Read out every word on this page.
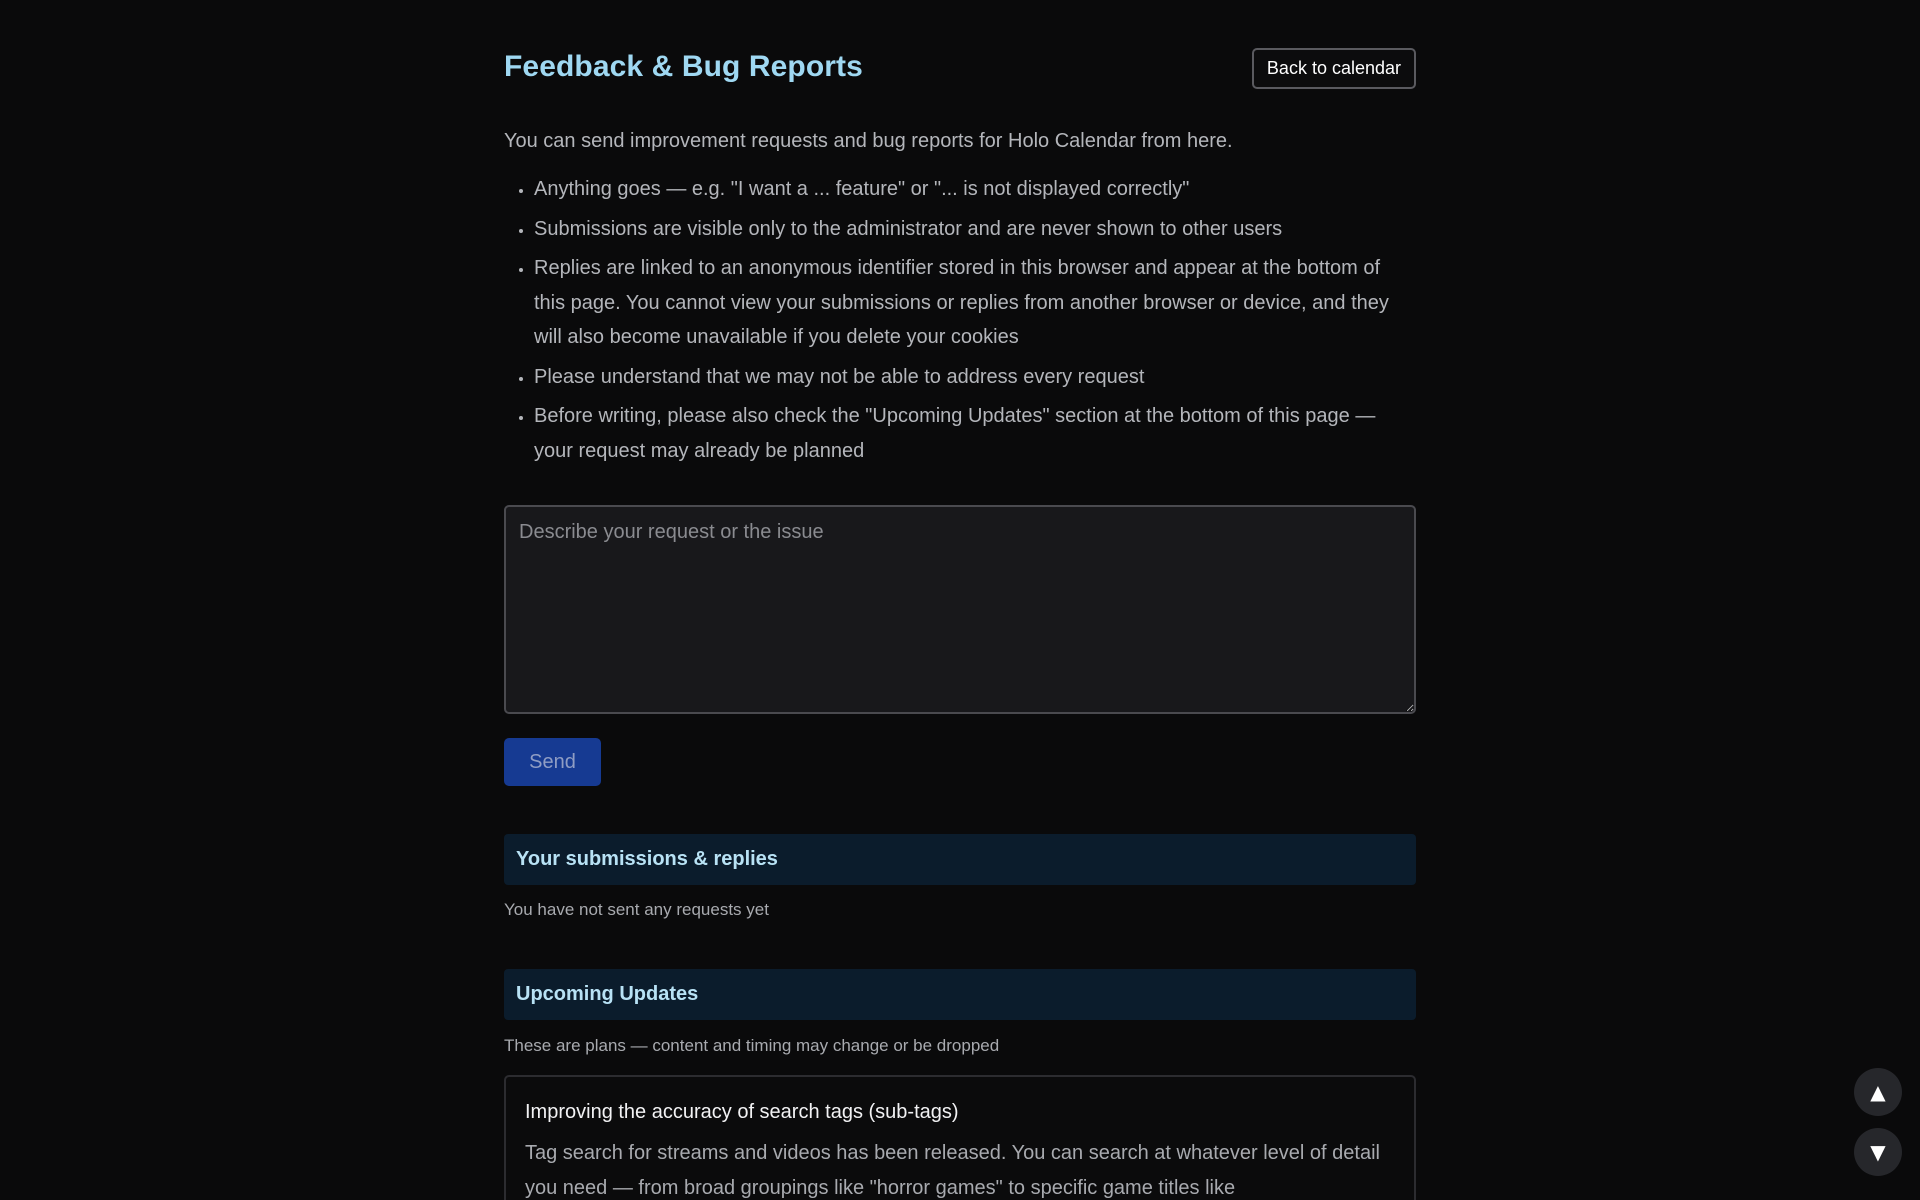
Feedback & Bug Reports	Back to calendar

You can send improvement requests and bug reports for Holo Calendar from here.

• Anything goes — e.g. "I want a ... feature" or "... is not displayed correctly"
• Submissions are visible only to the administrator and are never shown to other users
• Replies are linked to an anonymous identifier stored in this browser and appear at the bottom of this page. You cannot view your submissions or replies from another browser or device, and they will also become unavailable if you delete your cookies
• Please understand that we may not be able to address every request
• Before writing, please also check the "Upcoming Updates" section at the bottom of this page — your request may already be planned
Describe your request or the issue
Send
Your submissions & replies

You have not sent any requests yet

Upcoming Updates

These are plans — content and timing may change or be dropped

Improving the accuracy of search tags (sub-tags)

Tag search for streams and videos has been released. You can search at whatever level of detail you need — from broad groupings like "horror games" to specific game titles like

▲
▼
